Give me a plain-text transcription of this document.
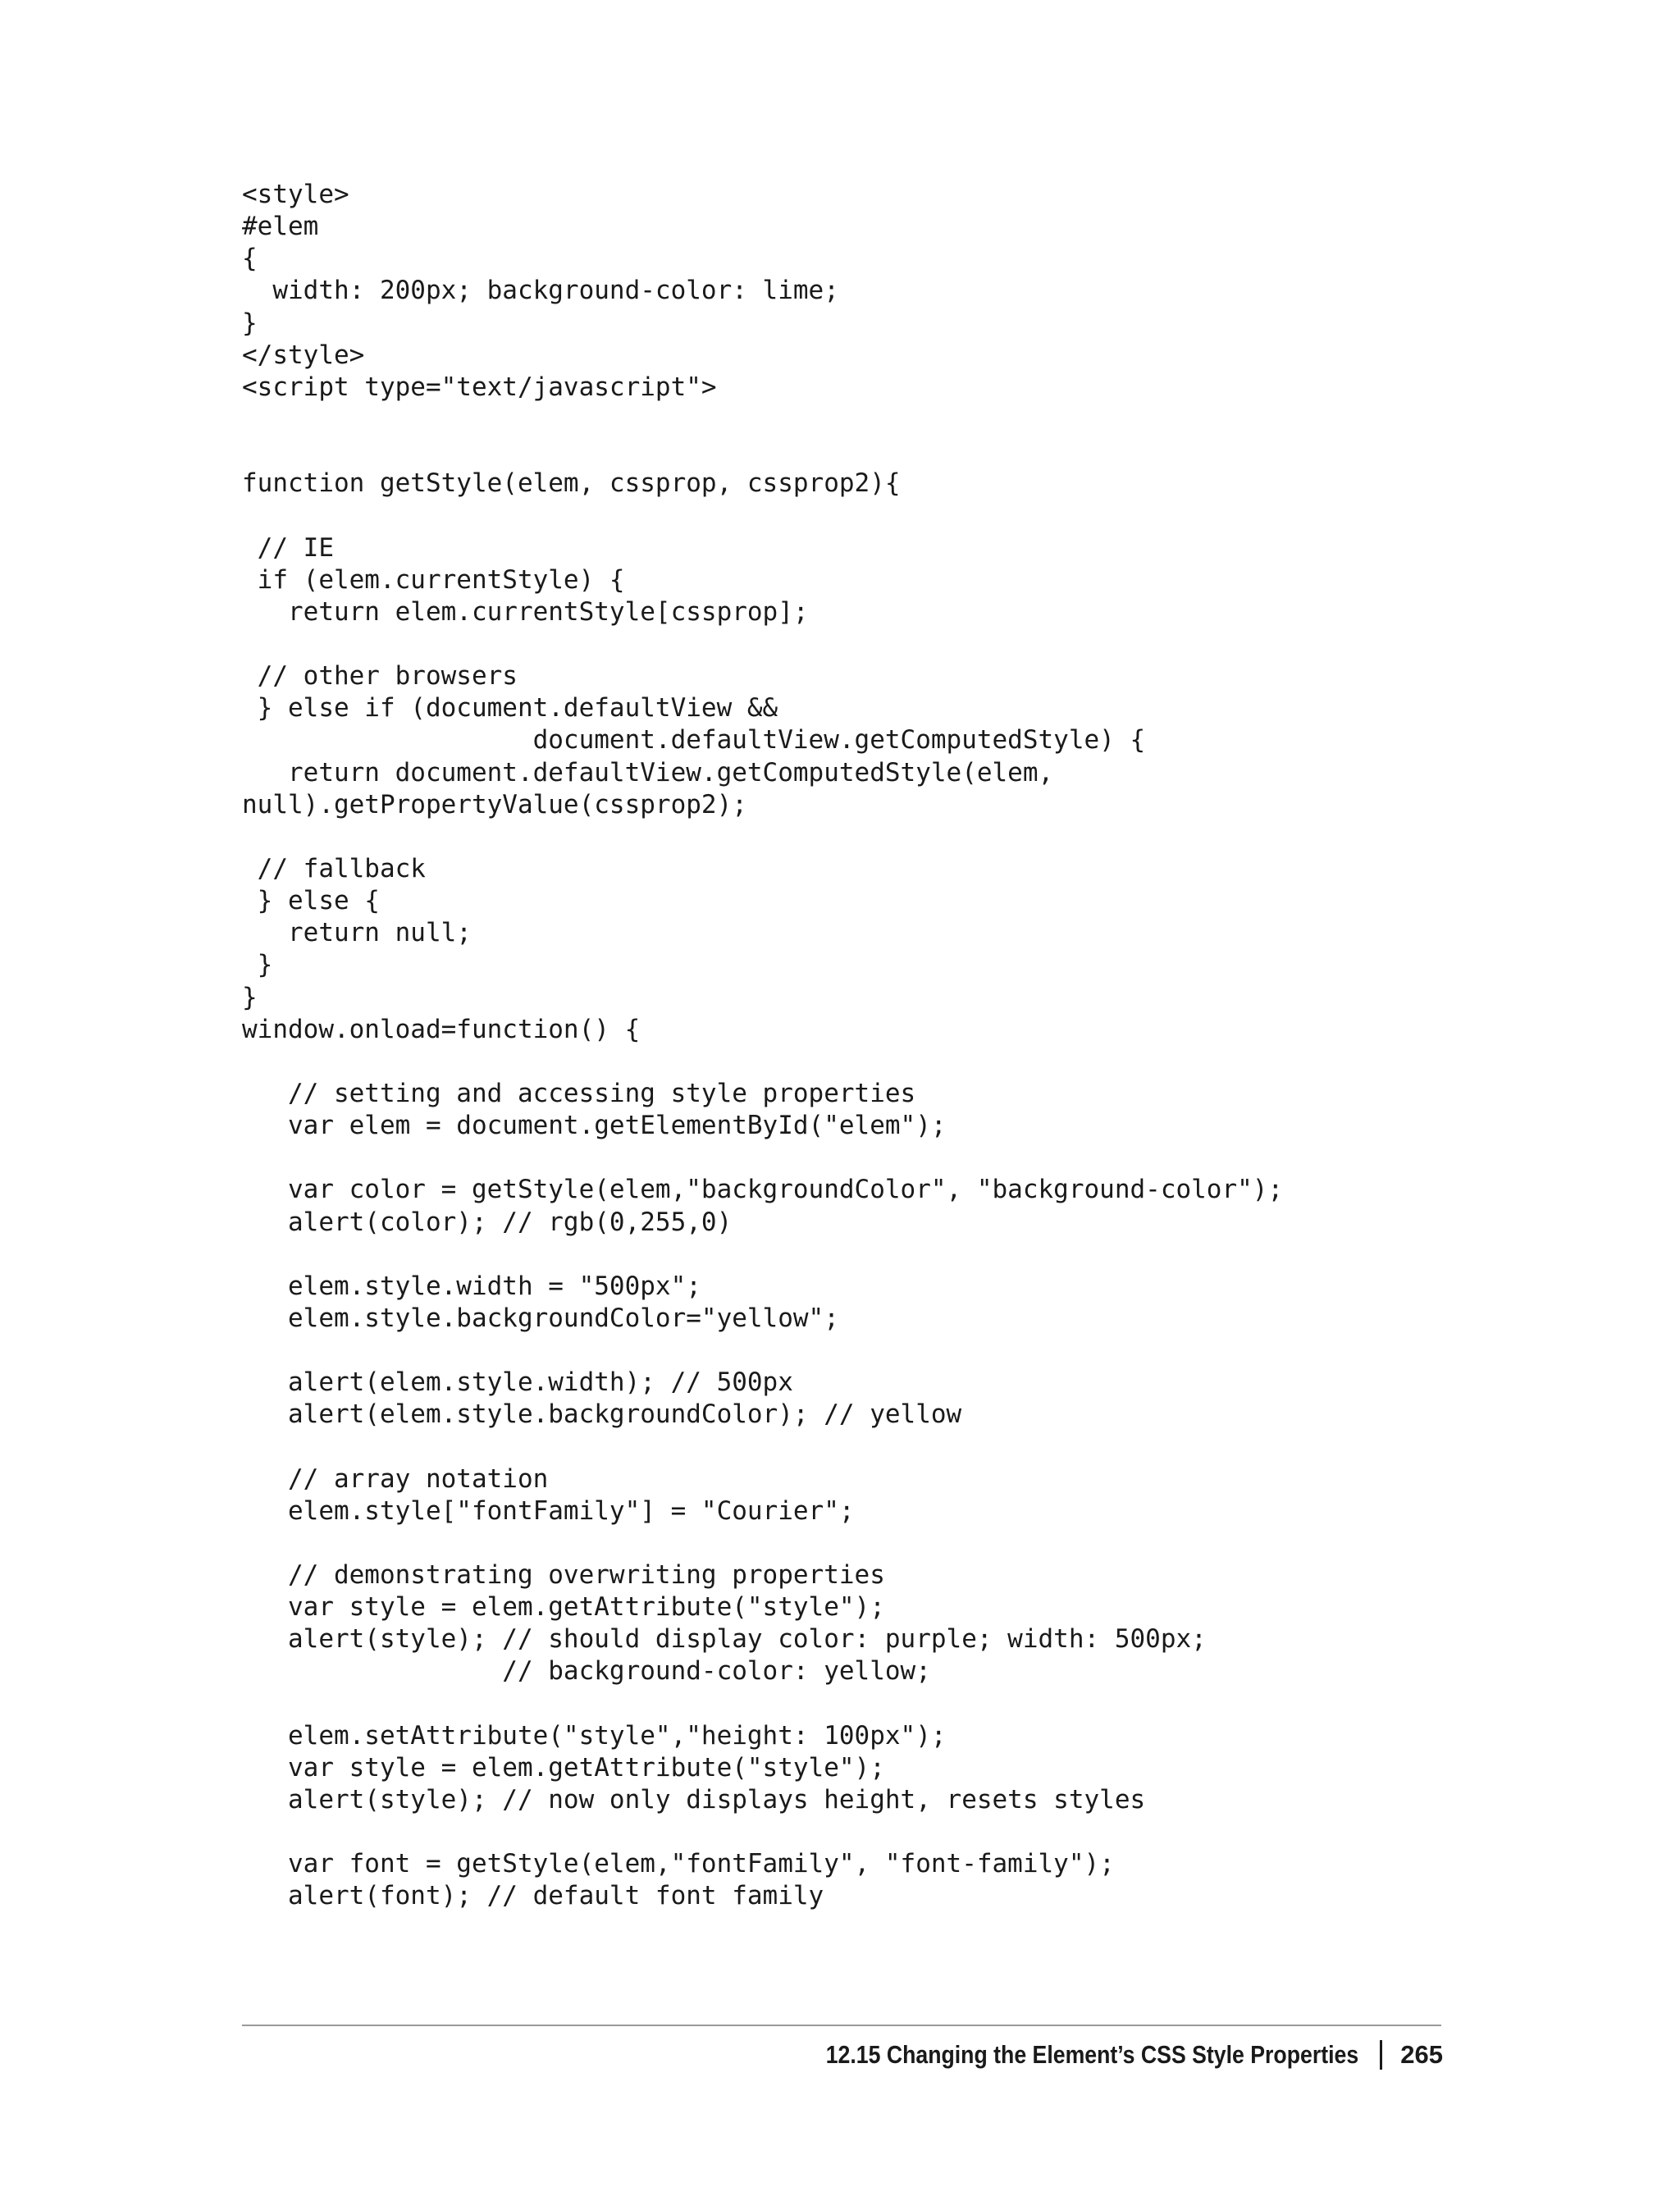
<style>
#elem
{
width: 200px; background-color: lime;
}
</style>
<script type="text/javascript">
function getStyle(elem, cssprop, cssprop2){
// IE
if (elem.currentStyle) {
return elem.currentStyle[cssprop];
// other browsers
} else if (document.defaultView &&
document.defaultView.getComputedStyle) {
return document.defaultView.getComputedStyle(elem,
null).getPropertyValue(cssprop2);
// fallback
} else {
return null;
}
}
window.onload=function() {
// setting and accessing style properties
var elem = document.getElementById("elem");
var color = getStyle(elem,"backgroundColor", "background-color");
alert(color); // rgb(0,255,0)
elem.style.width = "500px";
elem.style.backgroundColor="yellow";
alert(elem.style.width); // 500px
alert(elem.style.backgroundColor); // yellow
// array notation
elem.style["fontFamily"] = "Courier";
// demonstrating overwriting properties
var style = elem.getAttribute("style");
alert(style); // should display color: purple; width: 500px;
// background-color: yellow;
elem.setAttribute("style","height: 100px");
var style = elem.getAttribute("style");
alert(style); // now only displays height, resets styles
var font = getStyle(elem,"fontFamily", "font-family");
alert(font); // default font family
12.15 Changing the Element’s CSS Style Properties 265
